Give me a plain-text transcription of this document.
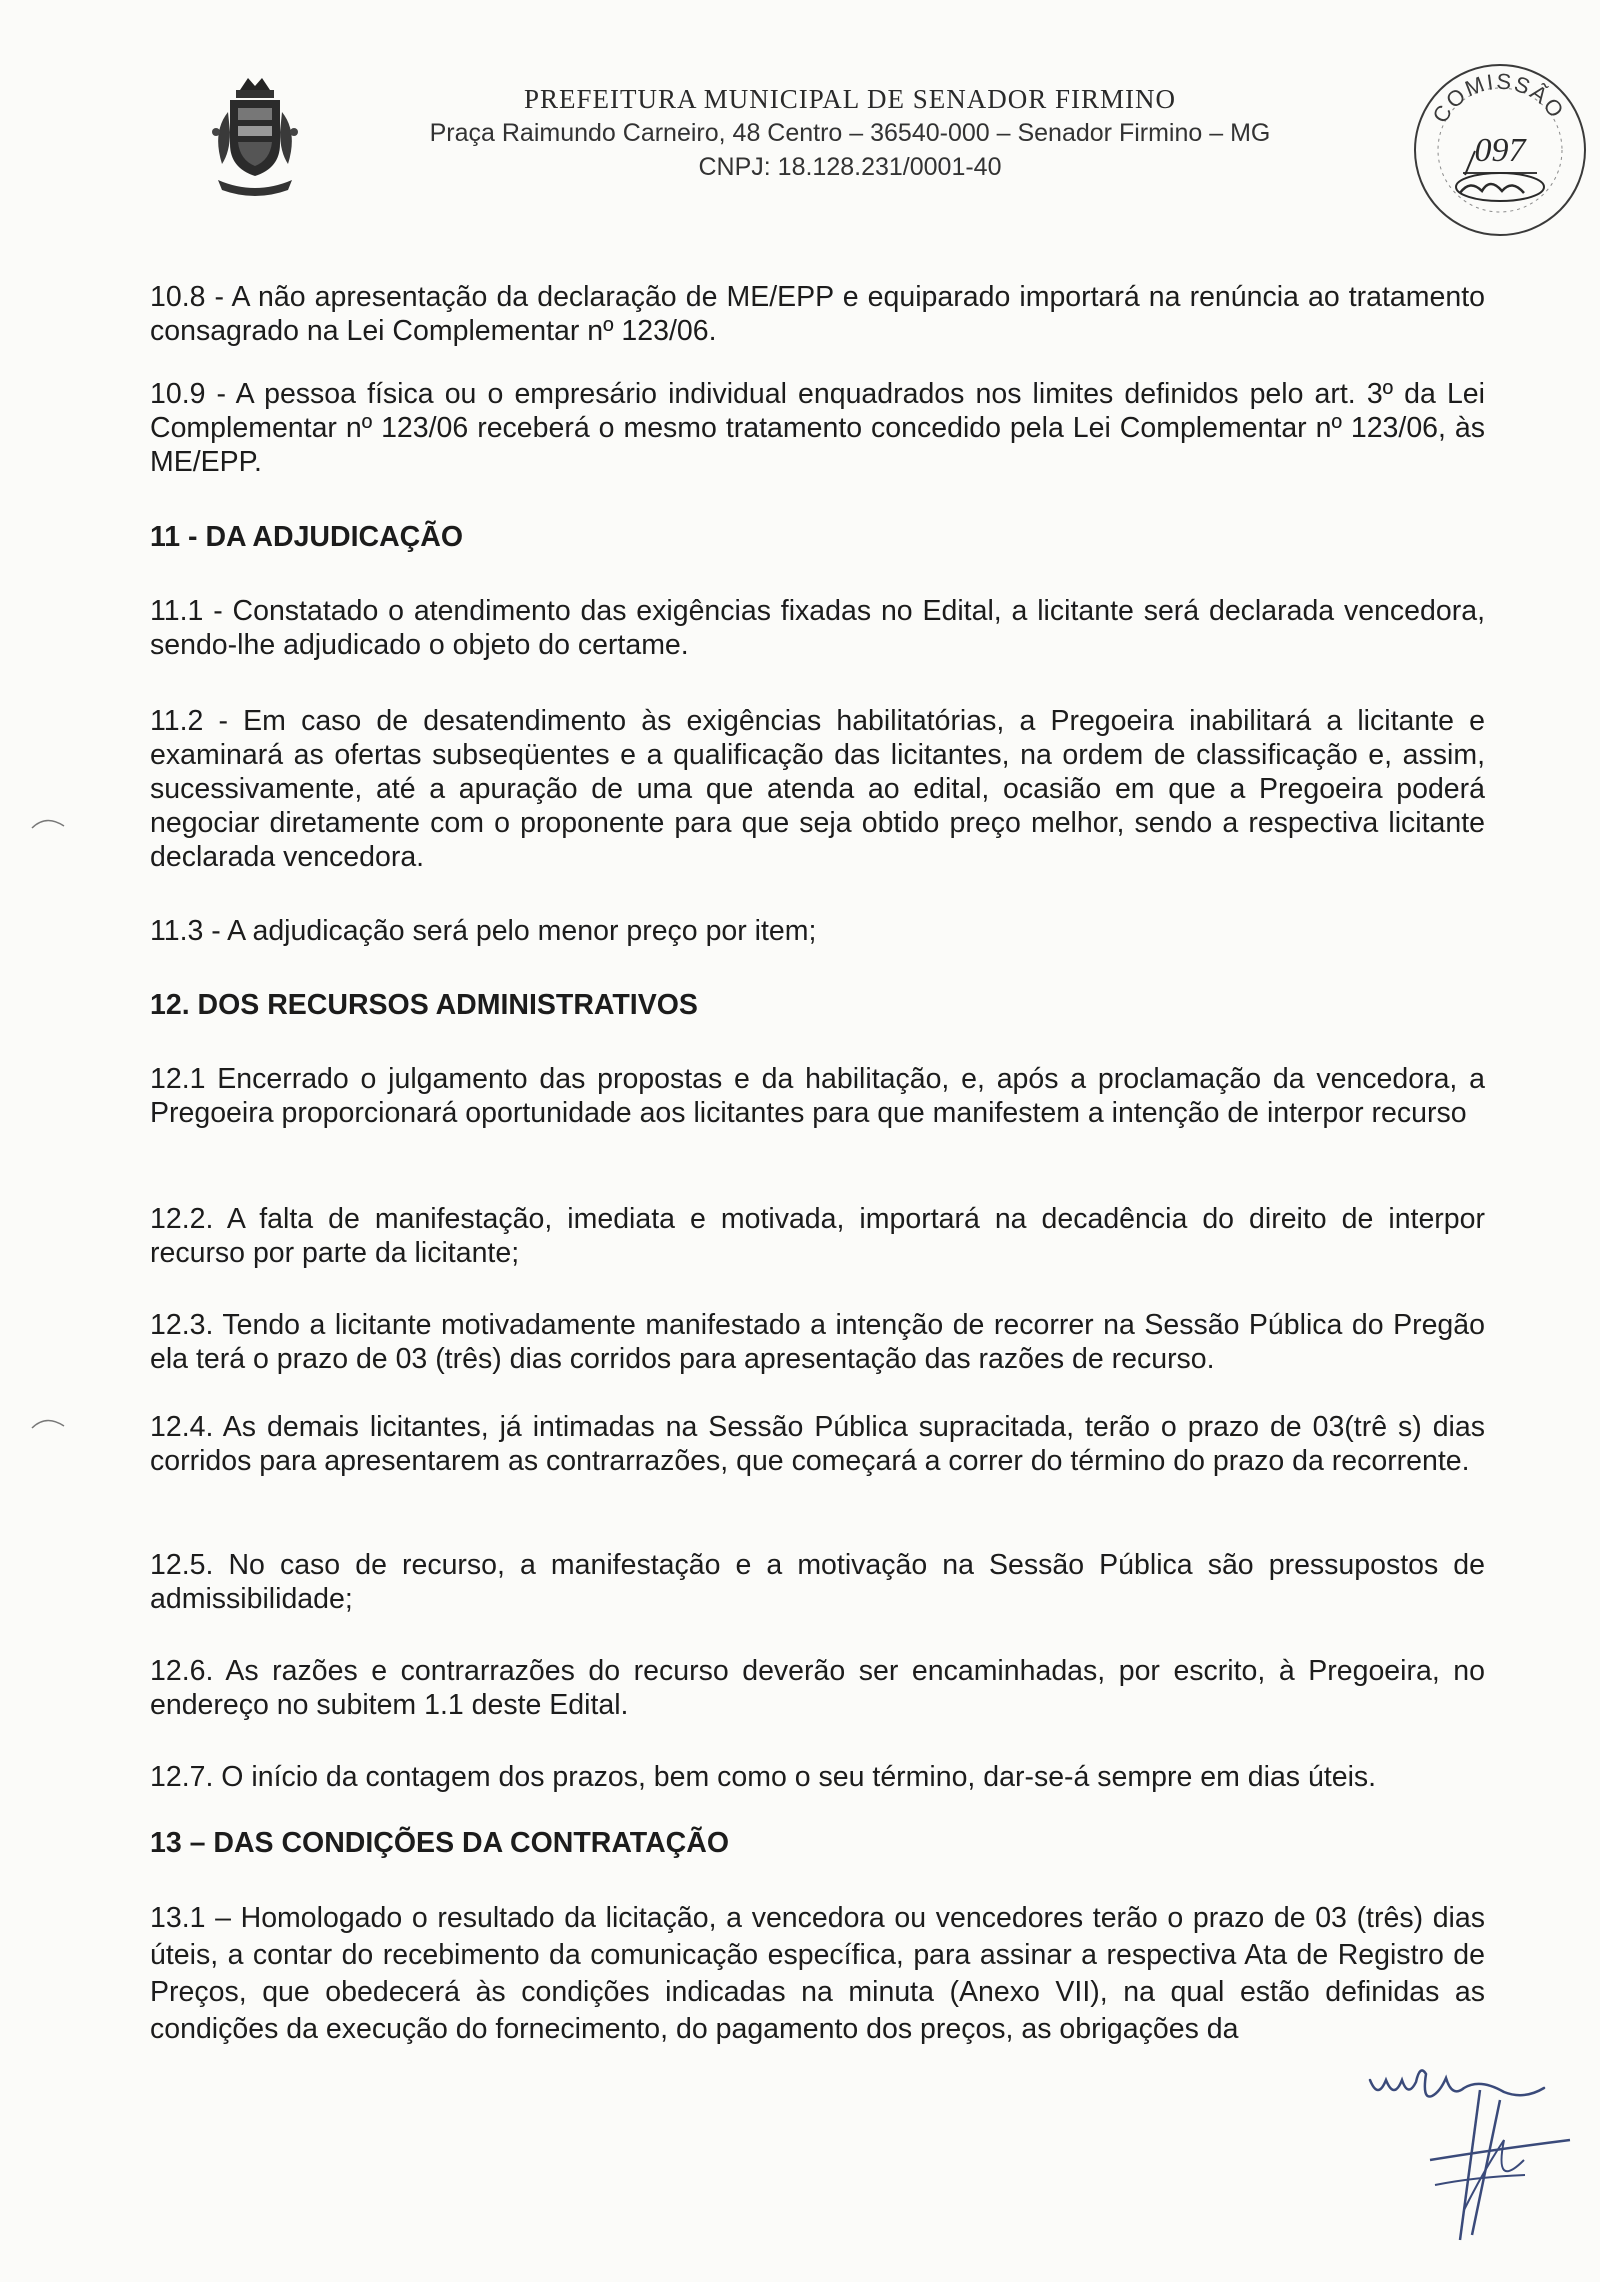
PREFEITURA MUNICIPAL DE SENADOR FIRMINO
Praça Raimundo Carneiro, 48 Centro – 36540-000 – Senador Firmino – MG
CNPJ: 18.128.231/0001-40
COMISSÃO
097

10.8 - A não apresentação da declaração de ME/EPP e equiparado importará na renúncia ao tratamento consagrado na Lei Complementar nº 123/06.

10.9 - A pessoa física ou o empresário individual enquadrados nos limites definidos pelo art. 3º da Lei Complementar nº 123/06 receberá o mesmo tratamento concedido pela Lei Complementar nº 123/06, às ME/EPP.

11 - DA ADJUDICAÇÃO

11.1 - Constatado o atendimento das exigências fixadas no Edital, a licitante será declarada vencedora, sendo-lhe adjudicado o objeto do certame.

11.2 - Em caso de desatendimento às exigências habilitatórias, a Pregoeira inabilitará a licitante e examinará as ofertas subseqüentes e a qualificação das licitantes, na ordem de classificação e, assim, sucessivamente, até a apuração de uma que atenda ao edital, ocasião em que a Pregoeira poderá negociar diretamente com o proponente para que seja obtido preço melhor, sendo a respectiva licitante declarada vencedora.

11.3 - A adjudicação será pelo menor preço por item;

12. DOS RECURSOS ADMINISTRATIVOS

12.1 Encerrado o julgamento das propostas e da habilitação, e, após a proclamação da vencedora, a Pregoeira proporcionará oportunidade aos licitantes para que manifestem a intenção de interpor recurso

12.2. A falta de manifestação, imediata e motivada, importará na decadência do direito de interpor recurso por parte da licitante;

12.3. Tendo a licitante motivadamente manifestado a intenção de recorrer na Sessão Pública do Pregão ela terá o prazo de 03 (três) dias corridos para apresentação das razões de recurso.

12.4. As demais licitantes, já intimadas na Sessão Pública supracitada, terão o prazo de 03(trê s) dias corridos para apresentarem as contrarrazões, que começará a correr do término do prazo da recorrente.

12.5. No caso de recurso, a manifestação e a motivação na Sessão Pública são pressupostos de admissibilidade;

12.6. As razões e contrarrazões do recurso deverão ser encaminhadas, por escrito, à Pregoeira, no endereço no subitem 1.1 deste Edital.

12.7. O início da contagem dos prazos, bem como o seu término, dar-se-á sempre em dias úteis.

13 – DAS CONDIÇÕES DA CONTRATAÇÃO

13.1 – Homologado o resultado da licitação, a vencedora ou vencedores terão o prazo de 03 (três) dias úteis, a contar do recebimento da comunicação específica, para assinar a respectiva Ata de Registro de Preços, que obedecerá às condições indicadas na minuta (Anexo VII), na qual estão definidas as condições da execução do fornecimento, do pagamento dos preços, as obrigações da
